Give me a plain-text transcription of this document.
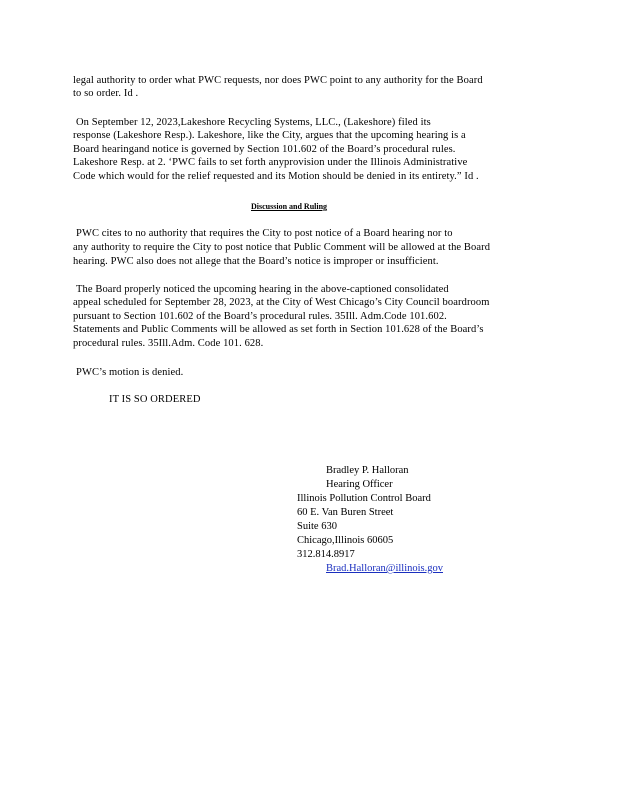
legal authority to order what PWC requests, nor does PWC point to any authority for the Board
to so order. Id .
On September 12, 2023,Lakeshore Recycling Systems, LLC., (Lakeshore) filed its
response (Lakeshore Resp.). Lakeshore, like the City, argues that the upcoming hearing is a
Board hearingand notice is governed by Section 101.602 of the Board’s procedural rules.
Lakeshore Resp. at 2. ‘PWC fails to set forth anyprovision under the Illinois Administrative
Code which would for the relief requested and its Motion should be denied in its entirety.” Id .
Discussion and Ruling
PWC cites to no authority that requires the City to post notice of a Board hearing nor to
any authority to require the City to post notice that Public Comment will be allowed at the Board
hearing. PWC also does not allege that the Board’s notice is improper or insufficient.
The Board properly noticed the upcoming hearing in the above-captioned consolidated
appeal scheduled for September 28, 2023, at the City of West Chicago’s City Council boardroom
pursuant to Section 101.602 of the Board’s procedural rules. 35Ill. Adm.Code 101.602.
Statements and Public Comments will be allowed as set forth in Section 101.628 of the Board’s
procedural rules. 35Ill.Adm. Code 101. 628.
PWC’s motion is denied.
IT IS SO ORDERED
Bradley P. Halloran
Hearing Officer
Illinois Pollution Control Board
60 E. Van Buren Street
Suite 630
Chicago,Illinois 60605
312.814.8917
Brad.Halloran@illinois.gov
